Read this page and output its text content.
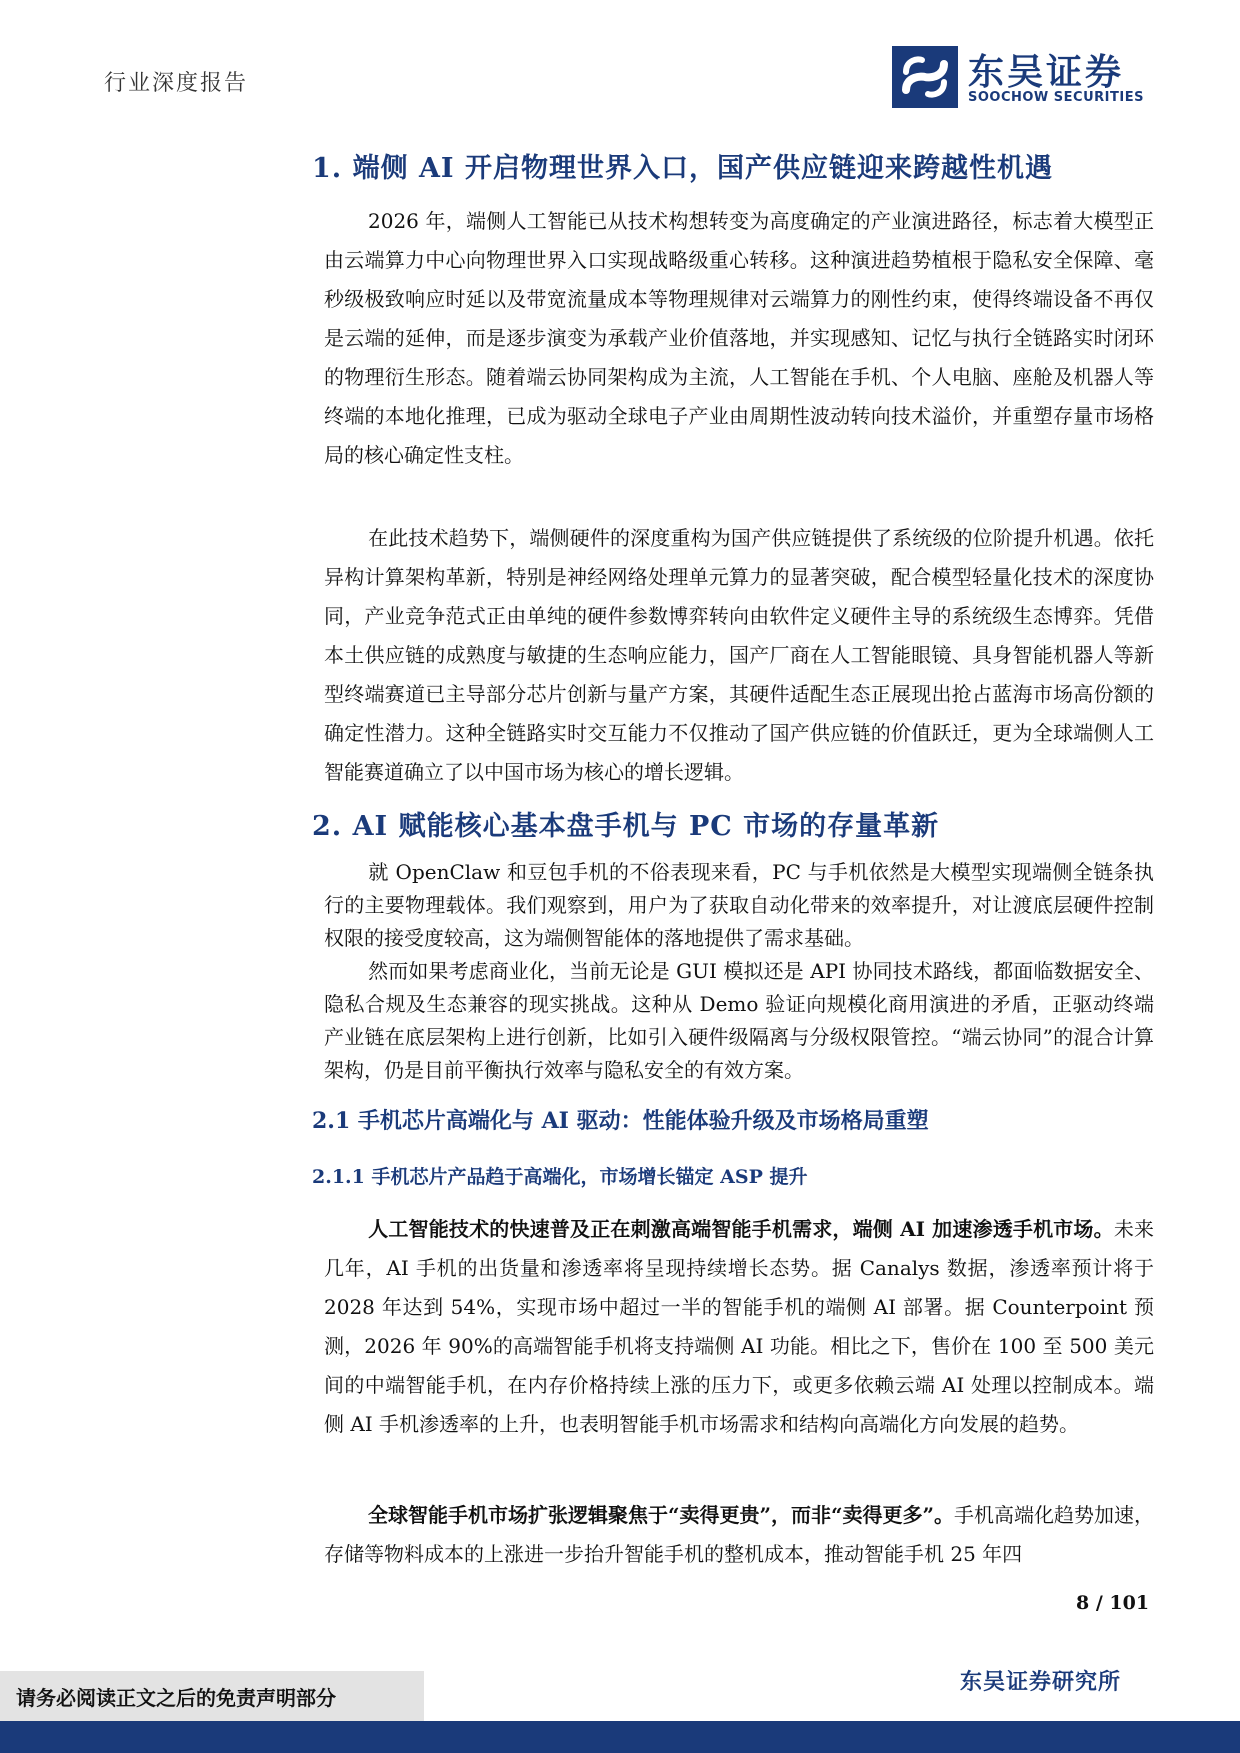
行业深度报告	东吴证券
SOOCHOW SECURITIES
1. 端侧 AI 开启物理世界入口，国产供应链迎来跨越性机遇

2026 年，端侧人工智能已从技术构想转变为高度确定的产业演进路径，标志着大模型正由云端算力中心向物理世界入口实现战略级重心转移。这种演进趋势植根于隐私安全保障、毫秒级极致响应时延以及带宽流量成本等物理规律对云端算力的刚性约束，使得终端设备不再仅是云端的延伸，而是逐步演变为承载产业价值落地，并实现感知、记忆与执行全链路实时闭环的物理衍生形态。随着端云协同架构成为主流，人工智能在手机、个人电脑、座舱及机器人等终端的本地化推理，已成为驱动全球电子产业由周期性波动转向技术溢价，并重塑存量市场格局的核心确定性支柱。

在此技术趋势下，端侧硬件的深度重构为国产供应链提供了系统级的位阶提升机遇。依托异构计算架构革新，特别是神经网络处理单元算力的显著突破，配合模型轻量化技术的深度协同，产业竞争范式正由单纯的硬件参数博弈转向由软件定义硬件主导的系统级生态博弈。凭借本土供应链的成熟度与敏捷的生态响应能力，国产厂商在人工智能眼镜、具身智能机器人等新型终端赛道已主导部分芯片创新与量产方案，其硬件适配生态正展现出抢占蓝海市场高份额的确定性潜力。这种全链路实时交互能力不仅推动了国产供应链的价值跃迁，更为全球端侧人工智能赛道确立了以中国市场为核心的增长逻辑。

2. AI 赋能核心基本盘手机与 PC 市场的存量革新

就 OpenClaw 和豆包手机的不俗表现来看，PC 与手机依然是大模型实现端侧全链条执行的主要物理载体。我们观察到，用户为了获取自动化带来的效率提升，对让渡底层硬件控制权限的接受度较高，这为端侧智能体的落地提供了需求基础。

然而如果考虑商业化，当前无论是 GUI 模拟还是 API 协同技术路线，都面临数据安全、隐私合规及生态兼容的现实挑战。这种从 Demo 验证向规模化商用演进的矛盾，正驱动终端产业链在底层架构上进行创新，比如引入硬件级隔离与分级权限管控。“端云协同”的混合计算架构，仍是目前平衡执行效率与隐私安全的有效方案。

2.1 手机芯片高端化与 AI 驱动：性能体验升级及市场格局重塑
2.1.1 手机芯片产品趋于高端化，市场增长锚定 ASP 提升

人工智能技术的快速普及正在刺激高端智能手机需求，端侧 AI 加速渗透手机市场。未来几年，AI 手机的出货量和渗透率将呈现持续增长态势。据 Canalys 数据，渗透率预计将于 2028 年达到 54%，实现市场中超过一半的智能手机的端侧 AI 部署。据 Counterpoint 预测，2026 年 90%的高端智能手机将支持端侧 AI 功能。相比之下，售价在 100 至 500 美元间的中端智能手机，在内存价格持续上涨的压力下，或更多依赖云端 AI 处理以控制成本。端侧 AI 手机渗透率的上升，也表明智能手机市场需求和结构向高端化方向发展的趋势。

全球智能手机市场扩张逻辑聚焦于“卖得更贵”，而非“卖得更多”。手机高端化趋势加速，存储等物料成本的上涨进一步抬升智能手机的整机成本，推动智能手机 25 年四

8 / 101
请务必阅读正文之后的免责声明部分
东吴证券研究所
